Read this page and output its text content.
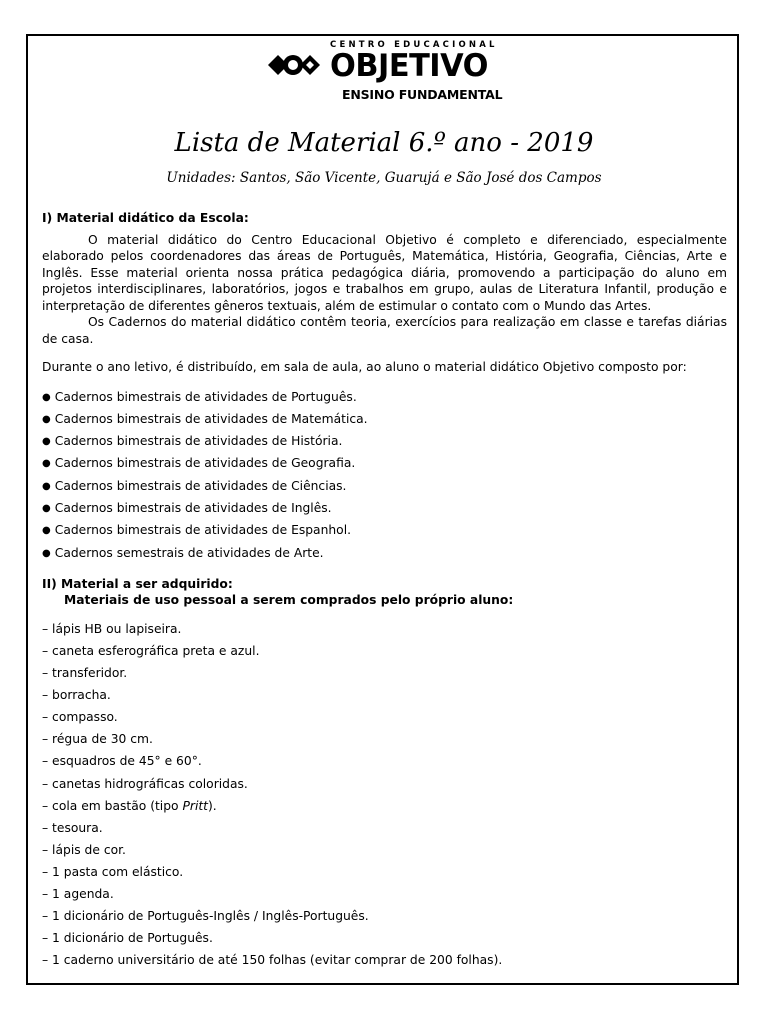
CENTRO EDUCACIONAL
OBJETIVO
ENSINO FUNDAMENTAL
Lista de Material 6.º ano - 2019
Unidades: Santos, São Vicente, Guarujá e São José dos Campos
I) Material didático da Escola:

O material didático do Centro Educacional Objetivo é completo e diferenciado, especialmente elaborado pelos coordenadores das áreas de Português, Matemática, História, Geografia, Ciências, Arte e Inglês. Esse material orienta nossa prática pedagógica diária, promovendo a participação do aluno em projetos interdisciplinares, laboratórios, jogos e trabalhos em grupo, aulas de Literatura Infantil, produção e interpretação de diferentes gêneros textuais, além de estimular o contato com o Mundo das Artes.

Os Cadernos do material didático contêm teoria, exercícios para realização em classe e tarefas diárias de casa.

Durante o ano letivo, é distribuído, em sala de aula, ao aluno o material didático Objetivo composto por:

● Cadernos bimestrais de atividades de Português.
● Cadernos bimestrais de atividades de Matemática.
● Cadernos bimestrais de atividades de História.
● Cadernos bimestrais de atividades de Geografia.
● Cadernos bimestrais de atividades de Ciências.
● Cadernos bimestrais de atividades de Inglês.
● Cadernos bimestrais de atividades de Espanhol.
● Cadernos semestrais de atividades de Arte.
II) Material a ser adquirido:
Materiais de uso pessoal a serem comprados pelo próprio aluno:
– lápis HB ou lapiseira.
– caneta esferográfica preta e azul.
– transferidor.
– borracha.
– compasso.
– régua de 30 cm.
– esquadros de 45° e 60°.
– canetas hidrográficas coloridas.
– cola em bastão (tipo Pritt).
– tesoura.
– lápis de cor.
– 1 pasta com elástico.
– 1 agenda.
– 1 dicionário de Português-Inglês / Inglês-Português.
– 1 dicionário de Português.
– 1 caderno universitário de até 150 folhas (evitar comprar de 200 folhas).
